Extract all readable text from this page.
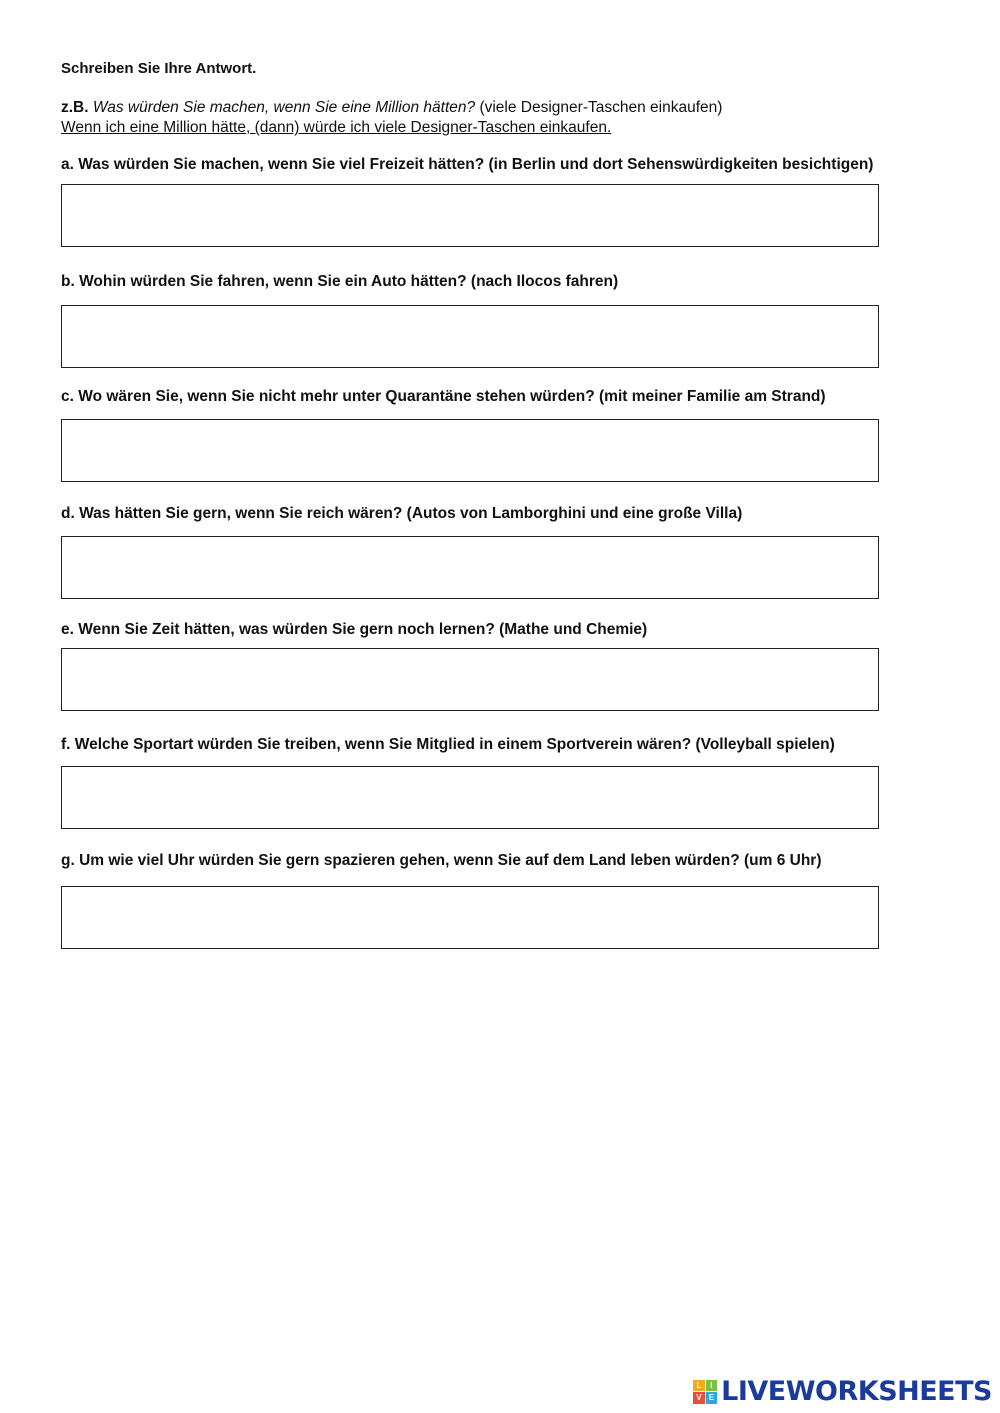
Schreiben Sie Ihre Antwort.

z.B. Was würden Sie machen, wenn Sie eine Million hätten? (viele Designer-Taschen einkaufen)
Wenn ich eine Million hätte, (dann) würde ich viele Designer-Taschen einkaufen.

a. Was würden Sie machen, wenn Sie viel Freizeit hätten? (in Berlin und dort Sehenswürdigkeiten besichtigen)

b. Wohin würden Sie fahren, wenn Sie ein Auto hätten? (nach Ilocos fahren)

c. Wo wären Sie, wenn Sie nicht mehr unter Quarantäne stehen würden? (mit meiner Familie am Strand)

d. Was hätten Sie gern, wenn Sie reich wären? (Autos von Lamborghini und eine große Villa)

e. Wenn Sie Zeit hätten, was würden Sie gern noch lernen? (Mathe und Chemie)

f. Welche Sportart würden Sie treiben, wenn Sie Mitglied in einem Sportverein wären? (Volleyball spielen)

g. Um wie viel Uhr würden Sie gern spazieren gehen, wenn Sie auf dem Land leben würden? (um 6 Uhr)

L	I
V E LIVEWORKSHEETS
